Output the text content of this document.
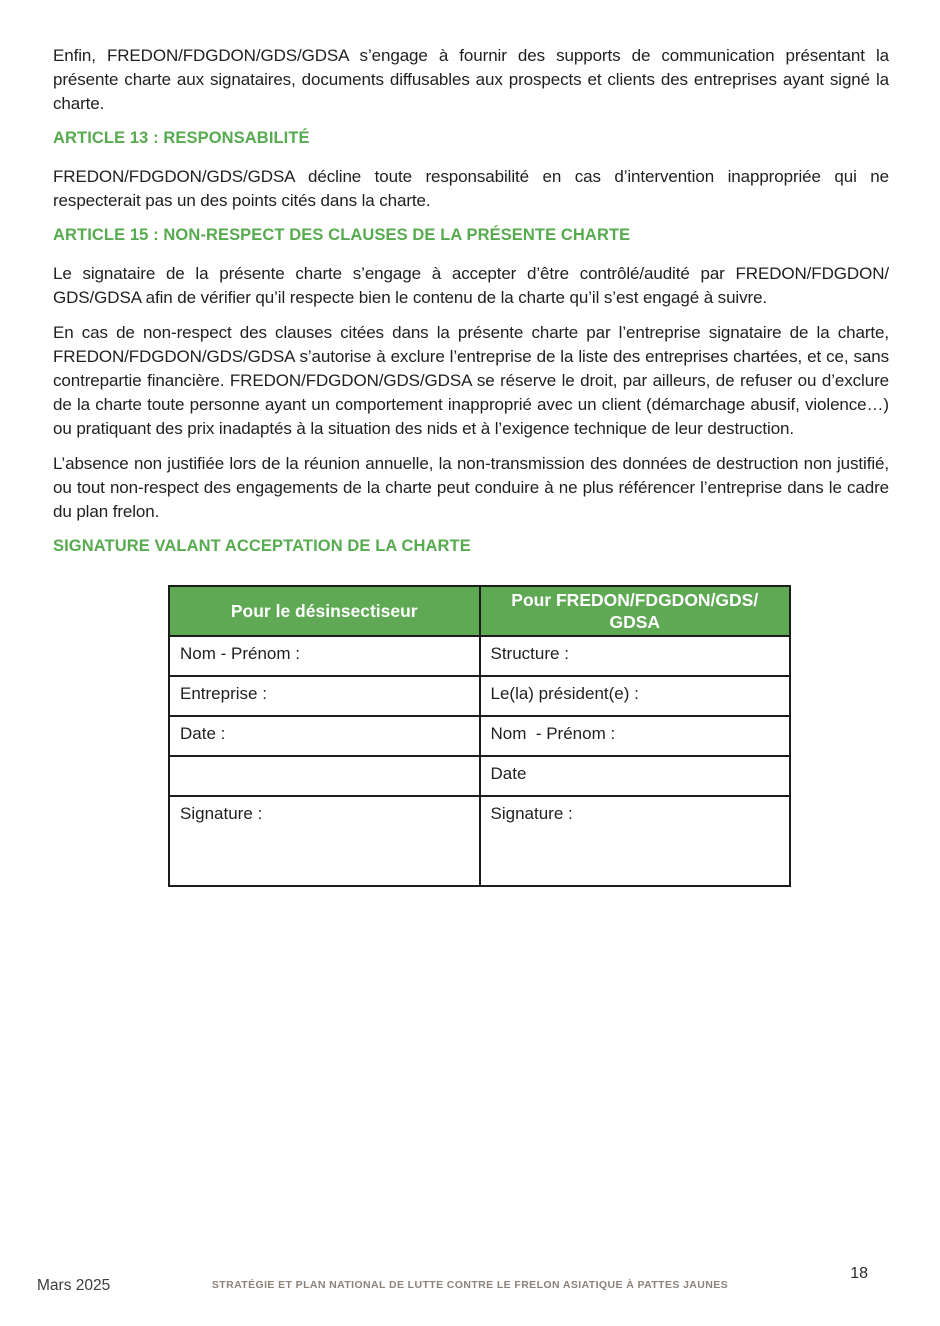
Enfin, FREDON/FDGDON/GDS/GDSA s’engage à fournir des supports de communication présentant la présente charte aux signataires, documents diffusables aux prospects et clients des entreprises ayant signé la charte.

ARTICLE 13 : RESPONSABILITÉ

FREDON/FDGDON/GDS/GDSA décline toute responsabilité en cas d’intervention inappropriée qui ne respecterait pas un des points cités dans la charte.

ARTICLE 15 : NON-RESPECT DES CLAUSES DE LA PRÉSENTE CHARTE

Le signataire de la présente charte s’engage à accepter d’être contrôlé/audité par FREDON/FDGDON/​GDS/GDSA afin de vérifier qu’il respecte bien le contenu de la charte qu’il s’est engagé à suivre.

En cas de non-respect des clauses citées dans la présente charte par l’entreprise signataire de la charte, FREDON/FDGDON/GDS/GDSA s’autorise à exclure l’entreprise de la liste des entreprises chartées, et ce, sans contrepartie financière. FREDON/FDGDON/GDS/GDSA se réserve le droit, par ailleurs, de refuser ou d’exclure de la charte toute personne ayant un comportement inapproprié avec un client (démarchage abusif, violence…) ou pratiquant des prix inadaptés à la situation des nids et à l’exigence technique de leur destruction.

L’absence non justifiée lors de la réunion annuelle, la non-transmission des données de destruction non justifié, ou tout non-respect des engagements de la charte peut conduire à ne plus référencer l’entreprise dans le cadre du plan frelon.

SIGNATURE VALANT ACCEPTATION DE LA CHARTE
Pour le désinsectiseur	Pour FREDON/FDGDON/GDS/​GDSA
Nom - Prénom :	Structure :
Entreprise :	Le(la) président(e) :
Date :	Nom  - Prénom :
	Date
Signature :	Signature :
Mars 2025	STRATÉGIE ET PLAN NATIONAL DE LUTTE CONTRE LE FRELON ASIATIQUE À PATTES JAUNES
18
